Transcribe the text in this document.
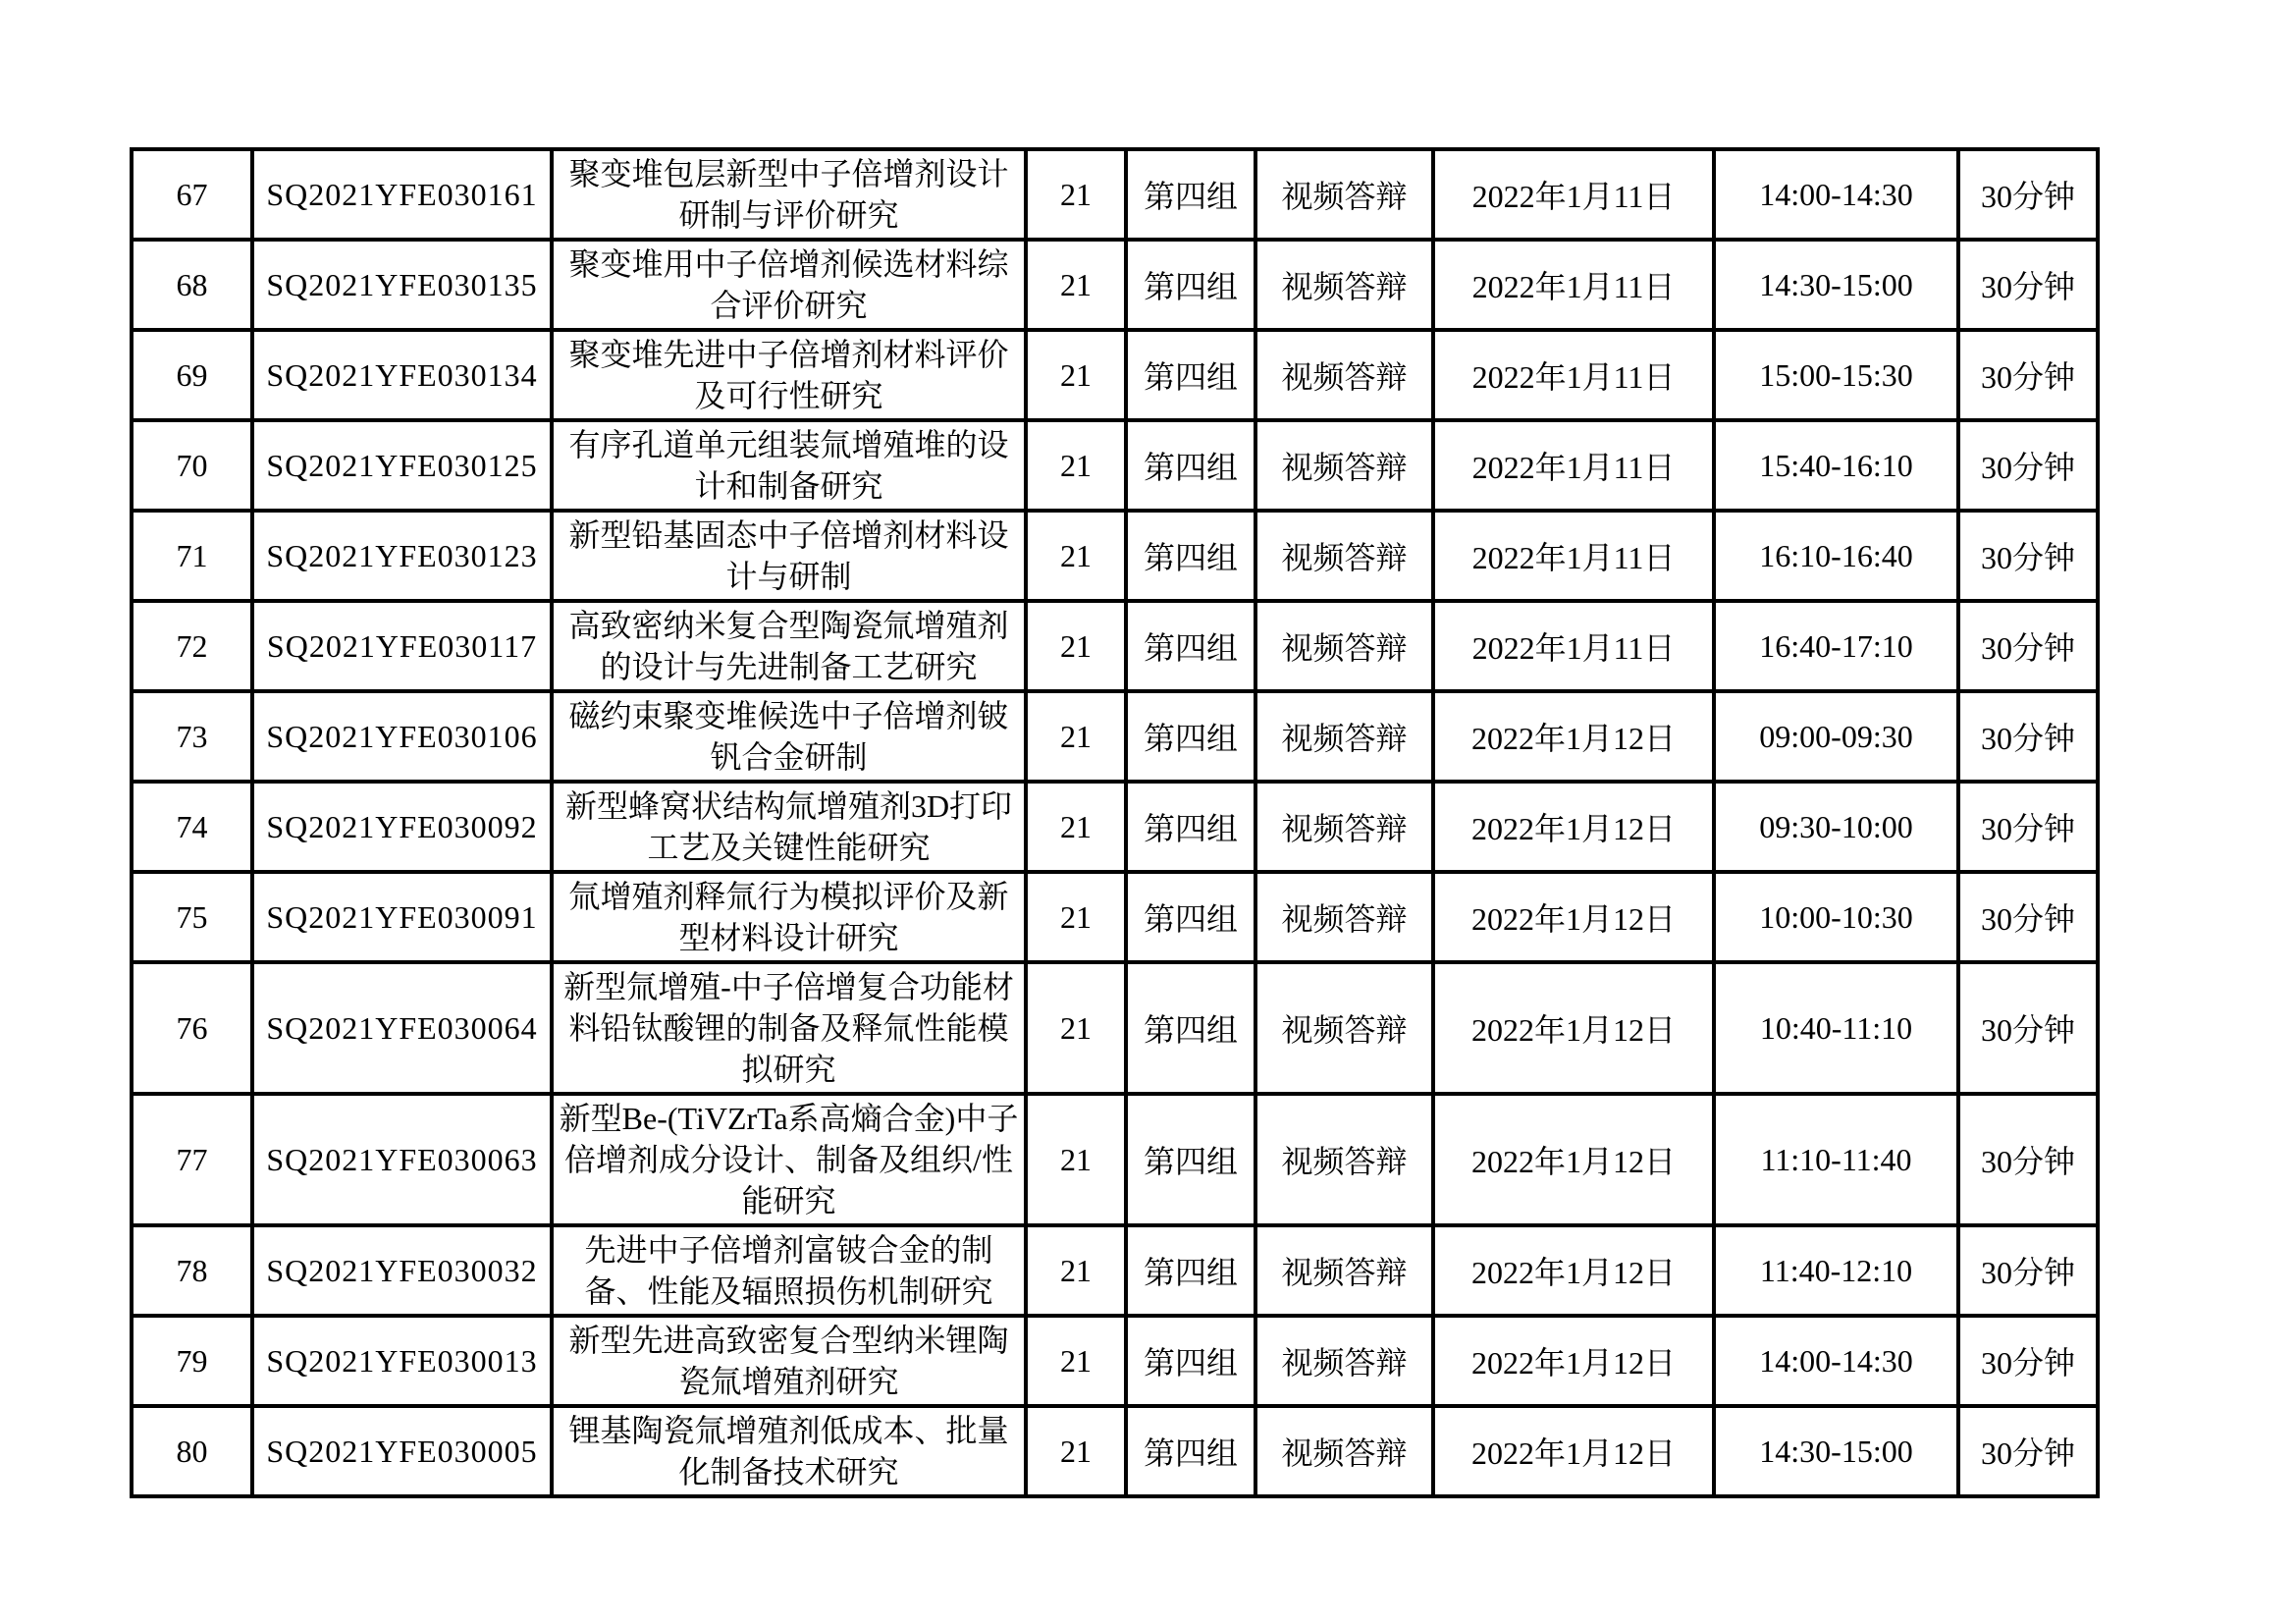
67	SQ2021YFE030161	聚变堆包层新型中子倍增剂设计研制与评价研究	21	第四组	视频答辩	2022年1月11日	14:00-14:30	30分钟
68	SQ2021YFE030135	聚变堆用中子倍增剂候选材料综合评价研究	21	第四组	视频答辩	2022年1月11日	14:30-15:00	30分钟
69	SQ2021YFE030134	聚变堆先进中子倍增剂材料评价及可行性研究	21	第四组	视频答辩	2022年1月11日	15:00-15:30	30分钟
70	SQ2021YFE030125	有序孔道单元组装氚增殖堆的设计和制备研究	21	第四组	视频答辩	2022年1月11日	15:40-16:10	30分钟
71	SQ2021YFE030123	新型铅基固态中子倍增剂材料设计与研制	21	第四组	视频答辩	2022年1月11日	16:10-16:40	30分钟
72	SQ2021YFE030117	高致密纳米复合型陶瓷氚增殖剂的设计与先进制备工艺研究	21	第四组	视频答辩	2022年1月11日	16:40-17:10	30分钟
73	SQ2021YFE030106	磁约束聚变堆候选中子倍增剂铍钒合金研制	21	第四组	视频答辩	2022年1月12日	09:00-09:30	30分钟
74	SQ2021YFE030092	新型蜂窝状结构氚增殖剂3D打印工艺及关键性能研究	21	第四组	视频答辩	2022年1月12日	09:30-10:00	30分钟
75	SQ2021YFE030091	氚增殖剂释氚行为模拟评价及新型材料设计研究	21	第四组	视频答辩	2022年1月12日	10:00-10:30	30分钟
76	SQ2021YFE030064	新型氚增殖-中子倍增复合功能材料铅钛酸锂的制备及释氚性能模拟研究	21	第四组	视频答辩	2022年1月12日	10:40-11:10	30分钟
77	SQ2021YFE030063	新型Be-(TiVZrTa系高熵合金)中子倍增剂成分设计、制备及组织/性能研究	21	第四组	视频答辩	2022年1月12日	11:10-11:40	30分钟
78	SQ2021YFE030032	先进中子倍增剂富铍合金的制备、性能及辐照损伤机制研究	21	第四组	视频答辩	2022年1月12日	11:40-12:10	30分钟
79	SQ2021YFE030013	新型先进高致密复合型纳米锂陶瓷氚增殖剂研究	21	第四组	视频答辩	2022年1月12日	14:00-14:30	30分钟
80	SQ2021YFE030005	锂基陶瓷氚增殖剂低成本、批量化制备技术研究	21	第四组	视频答辩	2022年1月12日	14:30-15:00	30分钟
